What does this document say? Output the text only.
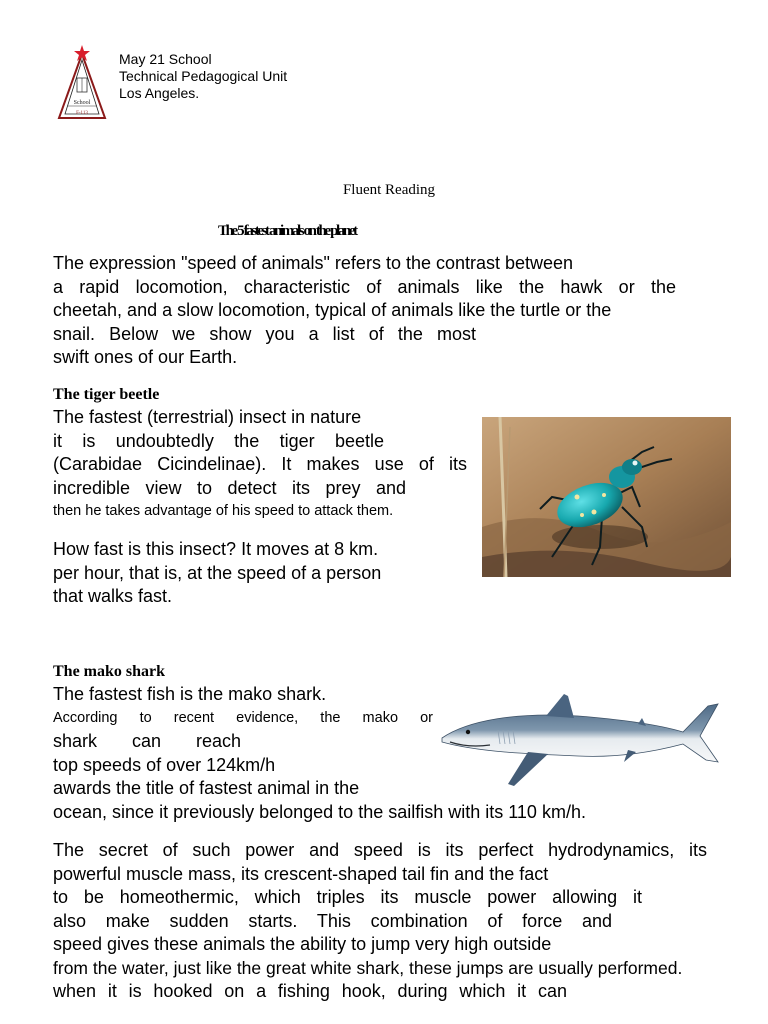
School
F-113
May 21 School
Technical Pedagogical Unit
Los Angeles.
Fluent Reading
The 5 fastest animals on the planet
The expression "speed of animals" refers to the contrast between
a rapid locomotion, characteristic of animals like the hawk or the
cheetah, and a slow locomotion, typical of animals like the turtle or the
snail. Below we show you a list of the most
swift ones of our Earth.
The tiger beetle
The fastest (terrestrial) insect in nature
it is undoubtedly the tiger beetle
(Carabidae Cicindelinae). It makes use of its
incredible view to detect its prey and
then he takes advantage of his speed to attack them.
How fast is this insect? It moves at 8 km.
per hour, that is, at the speed of a person
that walks fast.
The mako shark
The fastest fish is the mako shark.
According to recent evidence, the mako or
shark can reach
top speeds of over 124km/h
awards the title of fastest animal in the
ocean, since it previously belonged to the sailfish with its 110 km/h.
The secret of such power and speed is its perfect hydrodynamics, its
powerful muscle mass, its crescent-shaped tail fin and the fact
to be homeothermic, which triples its muscle power allowing it
also make sudden starts. This combination of force and
speed gives these animals the ability to jump very high outside
from the water, just like the great white shark, these jumps are usually performed.
when it is hooked on a fishing hook, during which it can
